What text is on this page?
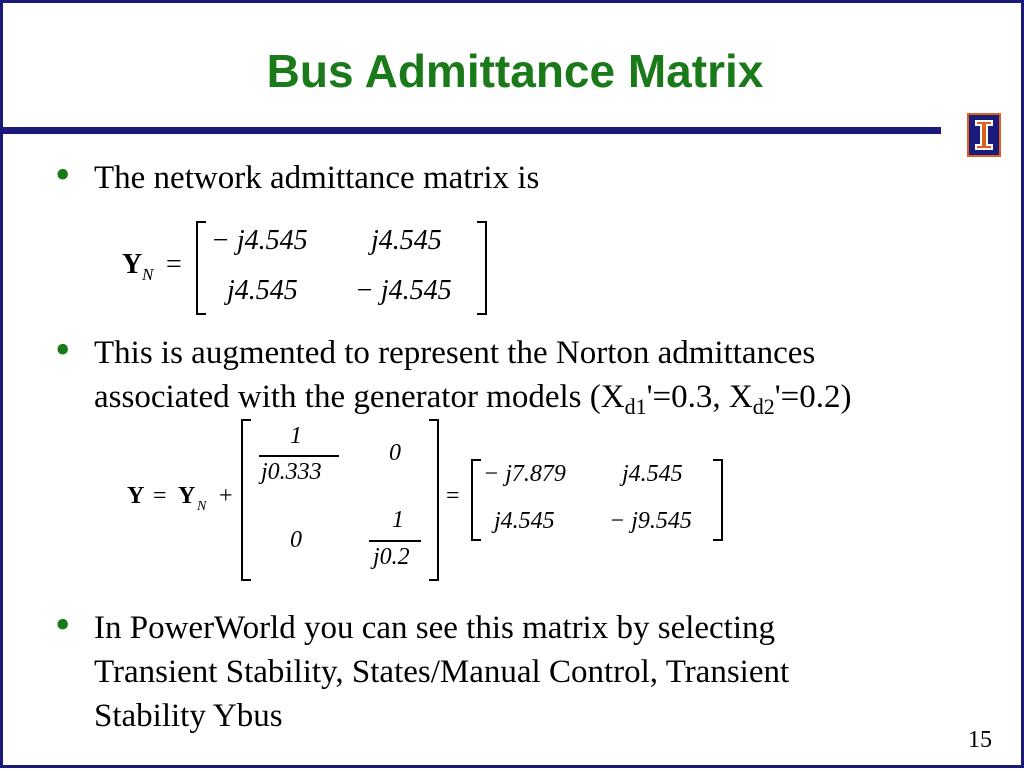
Bus Admittance Matrix
• The network admittance matrix is
Y N =
− j4.545 j4.545
j4.545 − j4.545
• This is augmented to represent the Norton admittances
associated with the generator models ($X_{d1}'=0.3$, $X_{d2}'=0.2$)
Y = Y N +
1
j0.333
0
0
1
j0.2
=
− j7.879 j4.545
j4.545 − j9.545
• In PowerWorld you can see this matrix by selecting
Transient Stability, States/Manual Control, Transient
Stability Ybus
15
